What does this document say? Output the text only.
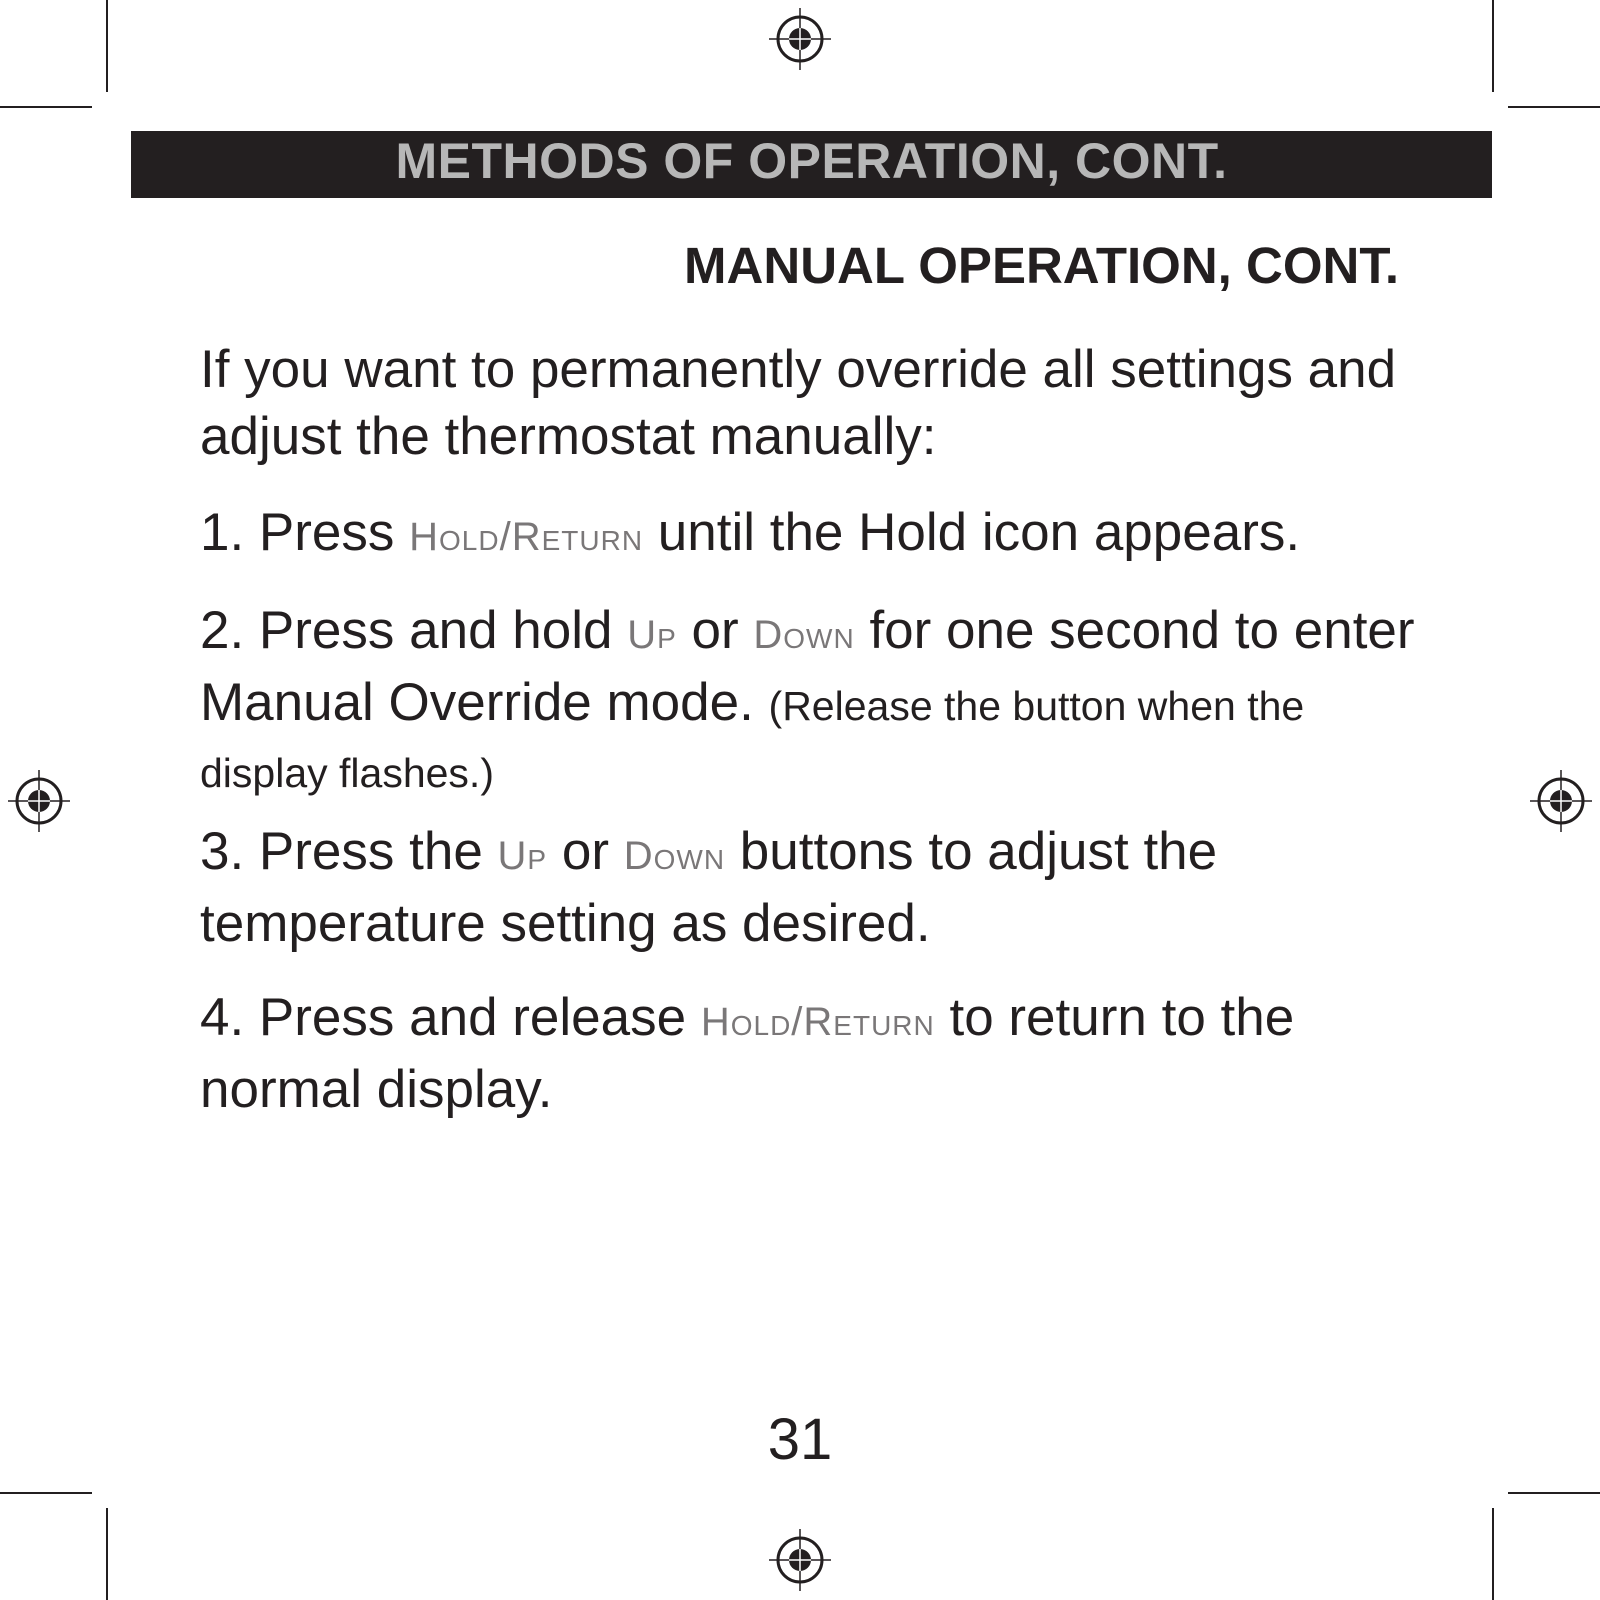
METHODS OF OPERATION, CONT.
MANUAL OPERATION, CONT.
If you want to permanently override all settings and adjust the thermostat manually:
1. Press Hold/Return until the Hold icon appears.
2. Press and hold Up or Down for one second to enter Manual Override mode. (Release the button when the display flashes.)
3. Press the Up or Down buttons to adjust the temperature setting as desired.
4. Press and release Hold/Return to return to the normal display.
31
